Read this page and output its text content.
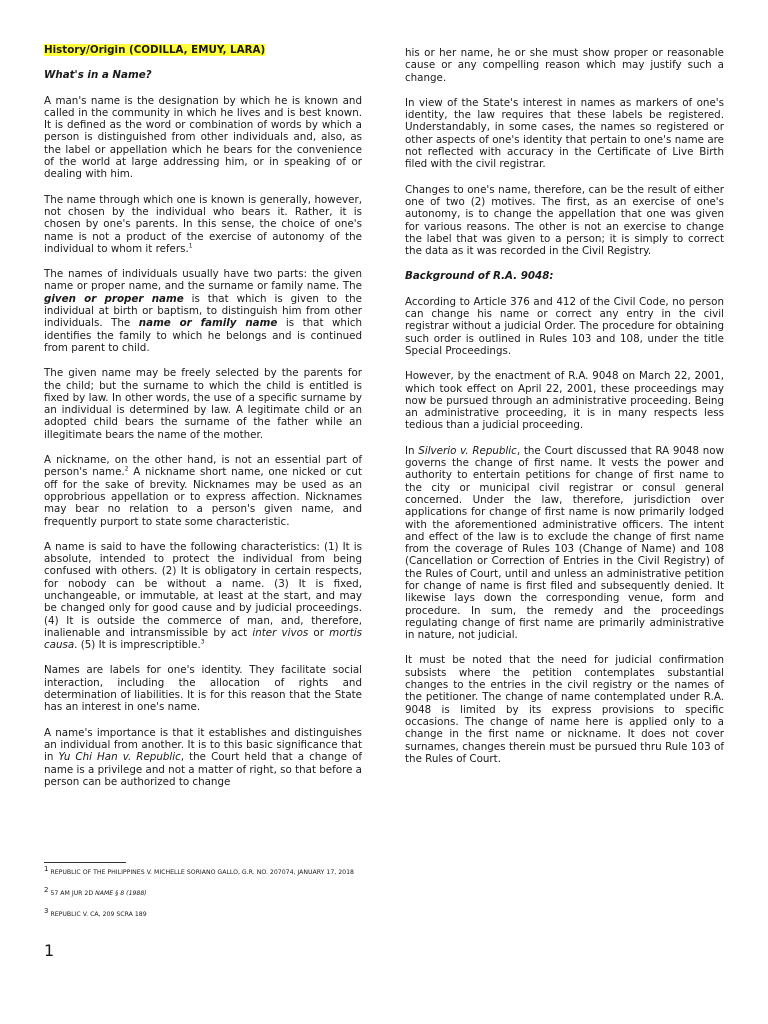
History/Origin (CODILLA, EMUY, LARA)
What's in a Name?

A man's name is the designation by which he is known and called in the community in which he lives and is best known. It is defined as the word or combination of words by which a person is distinguished from other individuals and, also, as the label or appellation which he bears for the convenience of the world at large addressing him, or in speaking of or dealing with him.

The name through which one is known is generally, however, not chosen by the individual who bears it. Rather, it is chosen by one's parents. In this sense, the choice of one's name is not a product of the exercise of autonomy of the individual to whom it refers.$^1$

The names of individuals usually have two parts: the given name or proper name, and the surname or family name. The given or proper name is that which is given to the individual at birth or baptism, to distinguish him from other individuals. The name or family name is that which identifies the family to which he belongs and is continued from parent to child.

The given name may be freely selected by the parents for the child; but the surname to which the child is entitled is fixed by law. In other words, the use of a specific surname by an individual is determined by law. A legitimate child or an adopted child bears the surname of the father while an illegitimate bears the name of the mother.

A nickname, on the other hand, is not an essential part of person's name.$^2$ A nickname short name, one nicked or cut off for the sake of brevity. Nicknames may be used as an opprobrious appellation or to express affection. Nicknames may bear no relation to a person's given name, and frequently purport to state some characteristic.

A name is said to have the following characteristics: (1) It is absolute, intended to protect the individual from being confused with others. (2) It is obligatory in certain respects, for nobody can be without a name. (3) It is fixed, unchangeable, or immutable, at least at the start, and may be changed only for good cause and by judicial proceedings. (4) It is outside the commerce of man, and, therefore, inalienable and intransmissible by act inter vivos or mortis causa. (5) It is imprescriptible.$^3$

Names are labels for one's identity. They facilitate social interaction, including the allocation of rights and determination of liabilities. It is for this reason that the State has an interest in one's name.

A name's importance is that it establishes and distinguishes an individual from another. It is to this basic significance that in Yu Chi Han v. Republic, the Court held that a change of name is a privilege and not a matter of right, so that before a person can be authorized to change

his or her name, he or she must show proper or reasonable cause or any compelling reason which may justify such a change.

In view of the State's interest in names as markers of one's identity, the law requires that these labels be registered. Understandably, in some cases, the names so registered or other aspects of one's identity that pertain to one's name are not reflected with accuracy in the Certificate of Live Birth filed with the civil registrar.

Changes to one's name, therefore, can be the result of either one of two (2) motives. The first, as an exercise of one's autonomy, is to change the appellation that one was given for various reasons. The other is not an exercise to change the label that was given to a person; it is simply to correct the data as it was recorded in the Civil Registry.

Background of R.A. 9048:

According to Article 376 and 412 of the Civil Code, no person can change his name or correct any entry in the civil registrar without a judicial Order. The procedure for obtaining such order is outlined in Rules 103 and 108, under the title Special Proceedings.

However, by the enactment of R.A. 9048 on March 22, 2001, which took effect on April 22, 2001, these proceedings may now be pursued through an administrative proceeding. Being an administrative proceeding, it is in many respects less tedious than a judicial proceeding.

In Silverio v. Republic, the Court discussed that RA 9048 now governs the change of first name. It vests the power and authority to entertain petitions for change of first name to the city or municipal civil registrar or consul general concerned. Under the law, therefore, jurisdiction over applications for change of first name is now primarily lodged with the aforementioned administrative officers. The intent and effect of the law is to exclude the change of first name from the coverage of Rules 103 (Change of Name) and 108 (Cancellation or Correction of Entries in the Civil Registry) of the Rules of Court, until and unless an administrative petition for change of name is first filed and subsequently denied. It likewise lays down the corresponding venue, form and procedure. In sum, the remedy and the proceedings regulating change of first name are primarily administrative in nature, not judicial.

It must be noted that the need for judicial confirmation subsists where the petition contemplates substantial changes to the entries in the civil registry or the names of the petitioner. The change of name contemplated under R.A. 9048 is limited by its express provisions to specific occasions. The change of name here is applied only to a change in the first name or nickname. It does not cover surnames, changes therein must be pursued thru Rule 103 of the Rules of Court.

$^1$ REPUBLIC OF THE PHILIPPINES V. MICHELLE SORIANO GALLO, G.R. NO. 207074, JANUARY 17, 2018
$^2$ 57 AM JUR 2D NAME § 8 (1988)
$^3$ REPUBLIC V. CA, 209 SCRA 189
1
